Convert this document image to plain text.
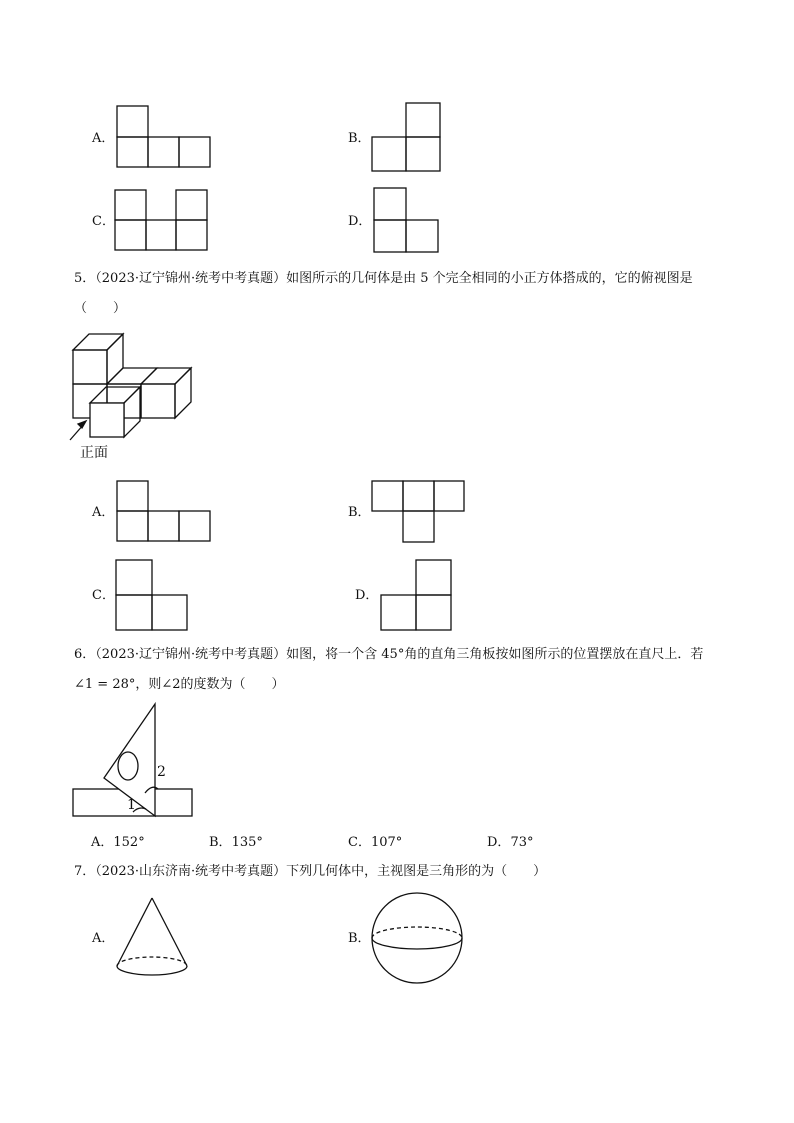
A．	B．
C．	D．
5．（2023·辽宁锦州·统考中考真题）如图所示的几何体是由 5 个完全相同的小正方体搭成的，它的俯视图是
（　　）
正面
A．	B．
C．	D．
6．（2023·辽宁锦州·统考中考真题）如图，将一个含 45°角的直角三角板按如图所示的位置摆放在直尺上．若
∠1 = 28°，则∠2的度数为（　　）
2
1
A．152°	B．135°	C．107°	D．73°
7．（2023·山东济南·统考中考真题）下列几何体中，主视图是三角形的为（　　）
A．	B．
